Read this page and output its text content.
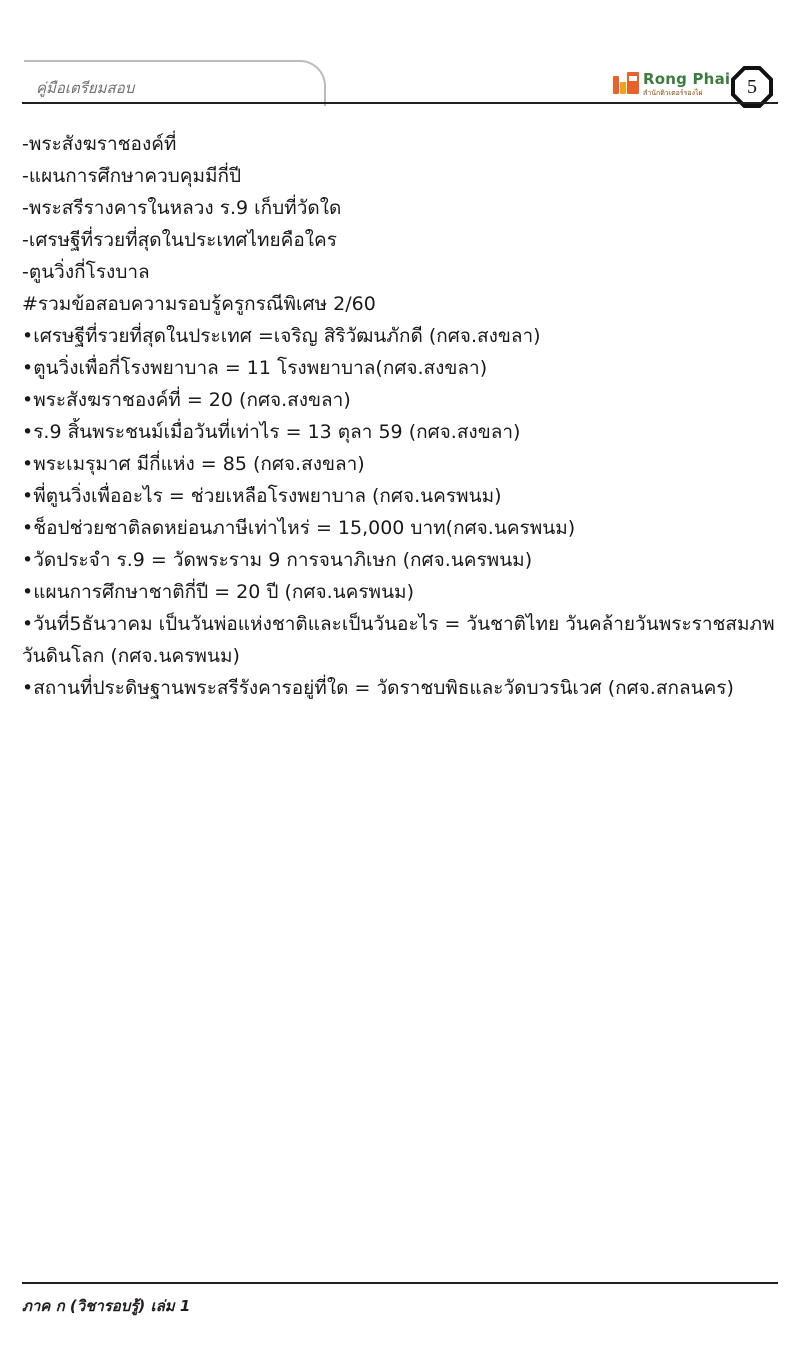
คู่มือเตรียมสอบ	Rong Phai
สำนักติวเตอร์รองไผ่	5
-พระสังฆราชองค์ที่
-แผนการศึกษาควบคุมมีกี่ปี
-พระสรีรางคารในหลวง ร.9 เก็บที่วัดใด
-เศรษฐีที่รวยที่สุดในประเทศไทยคือใคร
-ตูนวิ่งกี่โรงบาล
#รวมข้อสอบความรอบรู้ครูกรณีพิเศษ 2/60
•เศรษฐีที่รวยที่สุดในประเทศ =เจริญ สิริวัฒนภักดี (กศจ.สงขลา)
•ตูนวิ่งเพื่อกี่โรงพยาบาล = 11 โรงพยาบาล(กศจ.สงขลา)
•พระสังฆราชองค์ที่ = 20 (กศจ.สงขลา)
•ร.9 สิ้นพระชนม์เมื่อวันที่เท่าไร = 13 ตุลา 59 (กศจ.สงขลา)
•พระเมรุมาศ มีกี่แห่ง = 85 (กศจ.สงขลา)
•พี่ตูนวิ่งเพื่ออะไร = ช่วยเหลือโรงพยาบาล (กศจ.นครพนม)
•ช็อปช่วยชาติลดหย่อนภาษีเท่าไหร่ = 15,000 บาท(กศจ.นครพนม)
•วัดประจำ ร.9 = วัดพระราม 9 การจนาภิเษก (กศจ.นครพนม)
•แผนการศึกษาชาติกี่ปี = 20 ปี (กศจ.นครพนม)
•วันที่5ธันวาคม เป็นวันพ่อแห่งชาติและเป็นวันอะไร = วันชาติไทย วันคล้ายวันพระราชสมภพ
วันดินโลก (กศจ.นครพนม)
•สถานที่ประดิษฐานพระสรีรังคารอยู่ที่ใด = วัดราชบพิธและวัดบวรนิเวศ (กศจ.สกลนคร)
ภาค ก (วิชารอบรู้) เล่ม 1
